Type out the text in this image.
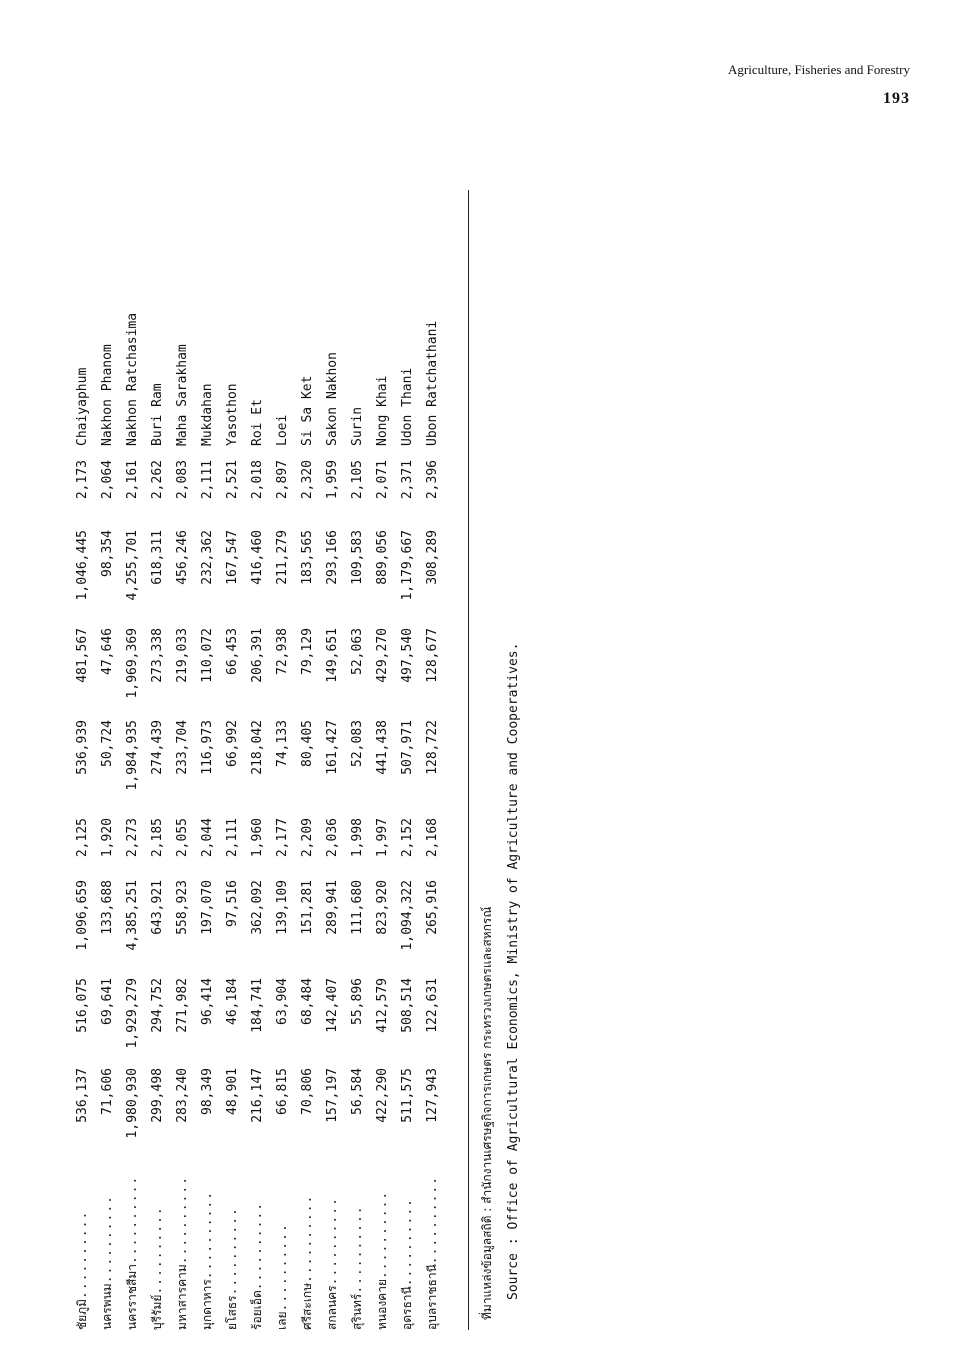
Agriculture, Fisheries and Forestry
193
ชัยภูมิ..........
536,137
516,075
1,096,659
2,125
536,939
481,567
1,046,445
2,173
Chaiyaphum
นครพนม..........
71,606
69,641
133,688
1,920
50,724
47,646
98,354
2,064
Nakhon Phanom
นครราชสีมา..........
1,980,930
1,929,279
4,385,251
2,273
1,984,935
1,969,369
4,255,701
2,161
Nakhon Ratchasima
บุรีรัมย์..........
299,498
294,752
643,921
2,185
274,439
273,338
618,311
2,262
Buri Ram
มหาสารคาม..........
283,240
271,982
558,923
2,055
233,704
219,033
456,246
2,083
Maha Sarakham
มุกดาหาร..........
98,349
96,414
197,070
2,044
116,973
110,072
232,362
2,111
Mukdahan
ยโสธร..........
48,901
46,184
97,516
2,111
66,992
66,453
167,547
2,521
Yasothon
ร้อยเอ็ด..........
216,147
184,741
362,092
1,960
218,042
206,391
416,460
2,018
Roi Et
เลย..........
66,815
63,904
139,109
2,177
74,133
72,938
211,279
2,897
Loei
ศรีสะเกษ..........
70,806
68,484
151,281
2,209
80,405
79,129
183,565
2,320
Si Sa Ket
สกลนคร..........
157,197
142,407
289,941
2,036
161,427
149,651
293,166
1,959
Sakon Nakhon
สุรินทร์..........
56,584
55,896
111,680
1,998
52,083
52,063
109,583
2,105
Surin
หนองคาย..........
422,290
412,579
823,920
1,997
441,438
429,270
889,056
2,071
Nong Khai
อุดรธานี..........
511,575
508,514
1,094,322
2,152
507,971
497,540
1,179,667
2,371
Udon Thani
อุบลราชธานี..........
127,943
122,631
265,916
2,168
128,722
128,677
308,289
2,396
Ubon Ratchathani
ที่มาแหล่งข้อมูลสถิติ : สำนักงานเศรษฐกิจการเกษตร กระทรวงเกษตรและสหกรณ์ Source : Office of Agricultural Economics, Ministry of Agriculture and Cooperatives.
